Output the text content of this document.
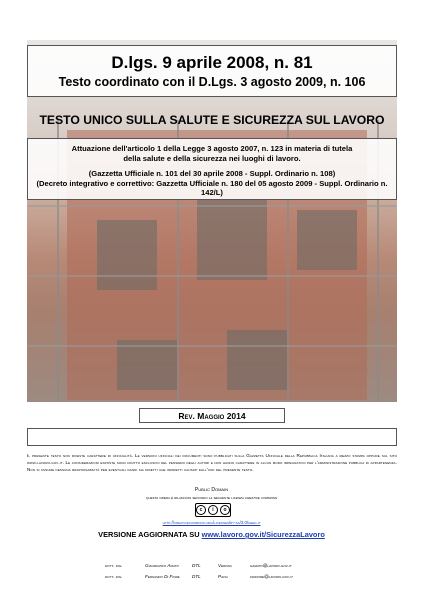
D.lgs. 9 aprile 2008, n. 81
Testo coordinato con il D.Lgs. 3 agosto 2009, n. 106
TESTO UNICO SULLA SALUTE E SICUREZZA SUL LAVORO

Attuazione dell'articolo 1 della Legge 3 agosto 2007, n. 123 in materia di tutela

della salute e della sicurezza nei luoghi di lavoro.

(Gazzetta Ufficiale n. 101 del 30 aprile 2008 - Suppl. Ordinario n. 108)

(Decreto integrativo e correttivo: Gazzetta Ufficiale n. 180 del 05 agosto 2009 - Suppl. Ordinario n. 142/L)

Rev. Maggio 2014
Il presente testo non riveste carattere di ufficialità. Le versioni ufficiali dei documenti sono pubblicati sulla Gazzetta Ufficiale della Repubblica Italiana a mezzo stampa oppure sul sito www.lavoro.gov.it. Le considerazioni esposte sono frutto esclusivo del pensiero degli autori e non hanno carattere in alcun modo impegnativo per l'amministrazione pubblica di appartenenza. Non si assume nessuna responsabilità per eventuali danni sia diretti che indiretti causati dall'uso del presente testo.
Public Domain
questa opera è rilasciata secondo la seguente licenza creative commons
c	i	o
http://creativecommons.org/licenses/by-sa/3.0/deed.it
VERSIONE AGGIORNATA SU www.lavoro.gov.it/SicurezzaLavoro
dott. ing.	Gianfranco Amato	DTL	Verona	gamato@lavoro.gov.it
dott. ing.	Fernando Di Fiore	DTL	Pavia	fdifiore@lavoro.gov.it
